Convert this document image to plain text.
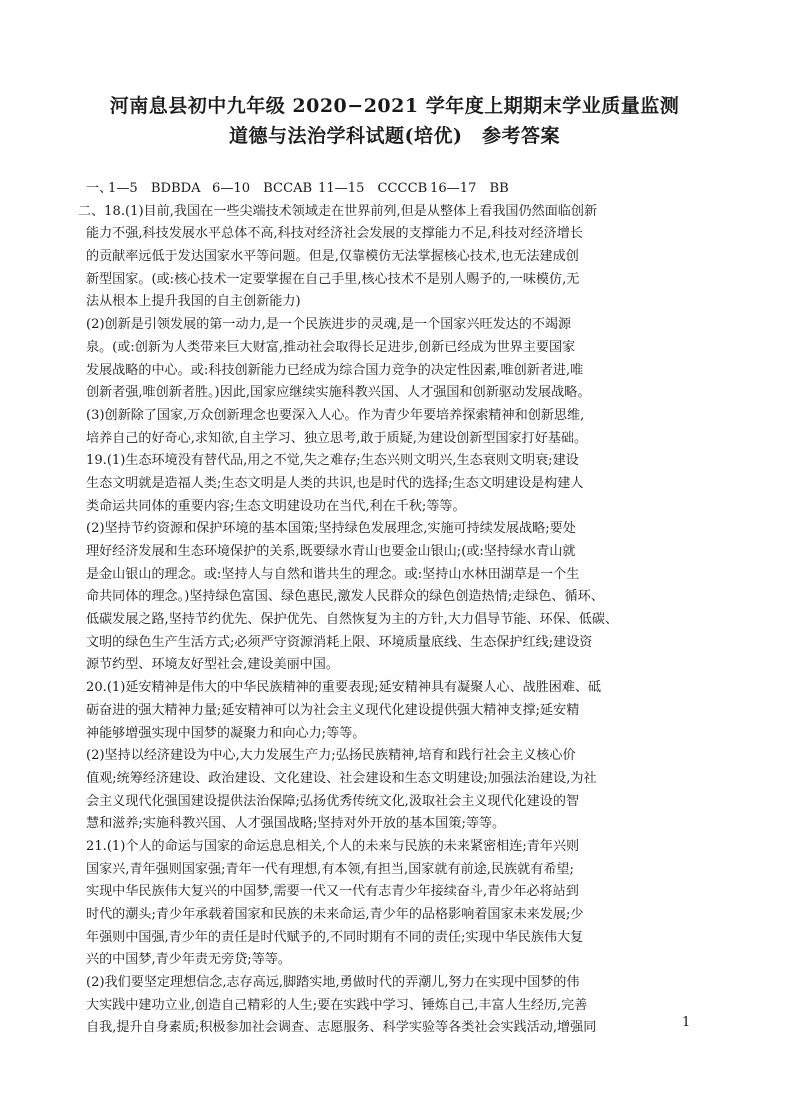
河南息县初中九年级 2020−2021 学年度上期期末学业质量监测
道德与法治学科试题(培优)　参考答案
一、1—5　BDBDA 6—10　BCCAB 11—15　CCCCB 16—17　BB
二、18.(1)目前,我国在一些尖端技术领域走在世界前列,但是从整体上看我国仍然面临创新
能力不强,科技发展水平总体不高,科技对经济社会发展的支撑能力不足,科技对经济增长
的贡献率远低于发达国家水平等问题。但是,仅靠模仿无法掌握核心技术,也无法建成创
新型国家。(或:核心技术一定要掌握在自己手里,核心技术不是别人赐予的,一味模仿,无
法从根本上提升我国的自主创新能力)
(2)创新是引领发展的第一动力,是一个民族进步的灵魂,是一个国家兴旺发达的不竭源
泉。(或:创新为人类带来巨大财富,推动社会取得长足进步,创新已经成为世界主要国家
发展战略的中心。或:科技创新能力已经成为综合国力竞争的决定性因素,唯创新者进,唯
创新者强,唯创新者胜。)因此,国家应继续实施科教兴国、人才强国和创新驱动发展战略。
(3)创新除了国家,万众创新理念也要深入人心。作为青少年要培养探索精神和创新思维,
培养自己的好奇心,求知欲,自主学习、独立思考,敢于质疑,为建设创新型国家打好基础。
19.(1)生态环境没有替代品,用之不觉,失之难存;生态兴则文明兴,生态衰则文明衰;建设
生态文明就是造福人类;生态文明是人类的共识,也是时代的选择;生态文明建设是构建人
类命运共同体的重要内容;生态文明建设功在当代,利在千秋;等等。
(2)坚持节约资源和保护环境的基本国策;坚持绿色发展理念,实施可持续发展战略;要处
理好经济发展和生态环境保护的关系,既要绿水青山也要金山银山;(或:坚持绿水青山就
是金山银山的理念。或:坚持人与自然和谐共生的理念。或:坚持山水林田湖草是一个生
命共同体的理念。)坚持绿色富国、绿色惠民,激发人民群众的绿色创造热情;走绿色、循环、
低碳发展之路,坚持节约优先、保护优先、自然恢复为主的方针,大力倡导节能、环保、低碳、
文明的绿色生产生活方式;必须严守资源消耗上限、环境质量底线、生态保护红线;建设资
源节约型、环境友好型社会,建设美丽中国。
20.(1)延安精神是伟大的中华民族精神的重要表现;延安精神具有凝聚人心、战胜困难、砥
砺奋进的强大精神力量;延安精神可以为社会主义现代化建设提供强大精神支撑;延安精
神能够增强实现中国梦的凝聚力和向心力;等等。
(2)坚持以经济建设为中心,大力发展生产力;弘扬民族精神,培育和践行社会主义核心价
值观;统筹经济建设、政治建设、文化建设、社会建设和生态文明建设;加强法治建设,为社
会主义现代化强国建设提供法治保障;弘扬优秀传统文化,汲取社会主义现代化建设的智
慧和滋养;实施科教兴国、人才强国战略;坚持对外开放的基本国策;等等。
21.(1)个人的命运与国家的命运息息相关,个人的未来与民族的未来紧密相连;青年兴则
国家兴,青年强则国家强;青年一代有理想,有本领,有担当,国家就有前途,民族就有希望;
实现中华民族伟大复兴的中国梦,需要一代又一代有志青少年接续奋斗,青少年必将站到
时代的潮头;青少年承载着国家和民族的未来命运,青少年的品格影响着国家未来发展;少
年强则中国强,青少年的责任是时代赋予的,不同时期有不同的责任;实现中华民族伟大复
兴的中国梦,青少年责无旁贷;等等。
(2)我们要坚定理想信念,志存高远,脚踏实地,勇做时代的弄潮儿,努力在实现中国梦的伟
大实践中建功立业,创造自己精彩的人生;要在实践中学习、锤炼自己,丰富人生经历,完善
自我,提升自身素质;积极参加社会调查、志愿服务、科学实验等各类社会实践活动,增强同	1
